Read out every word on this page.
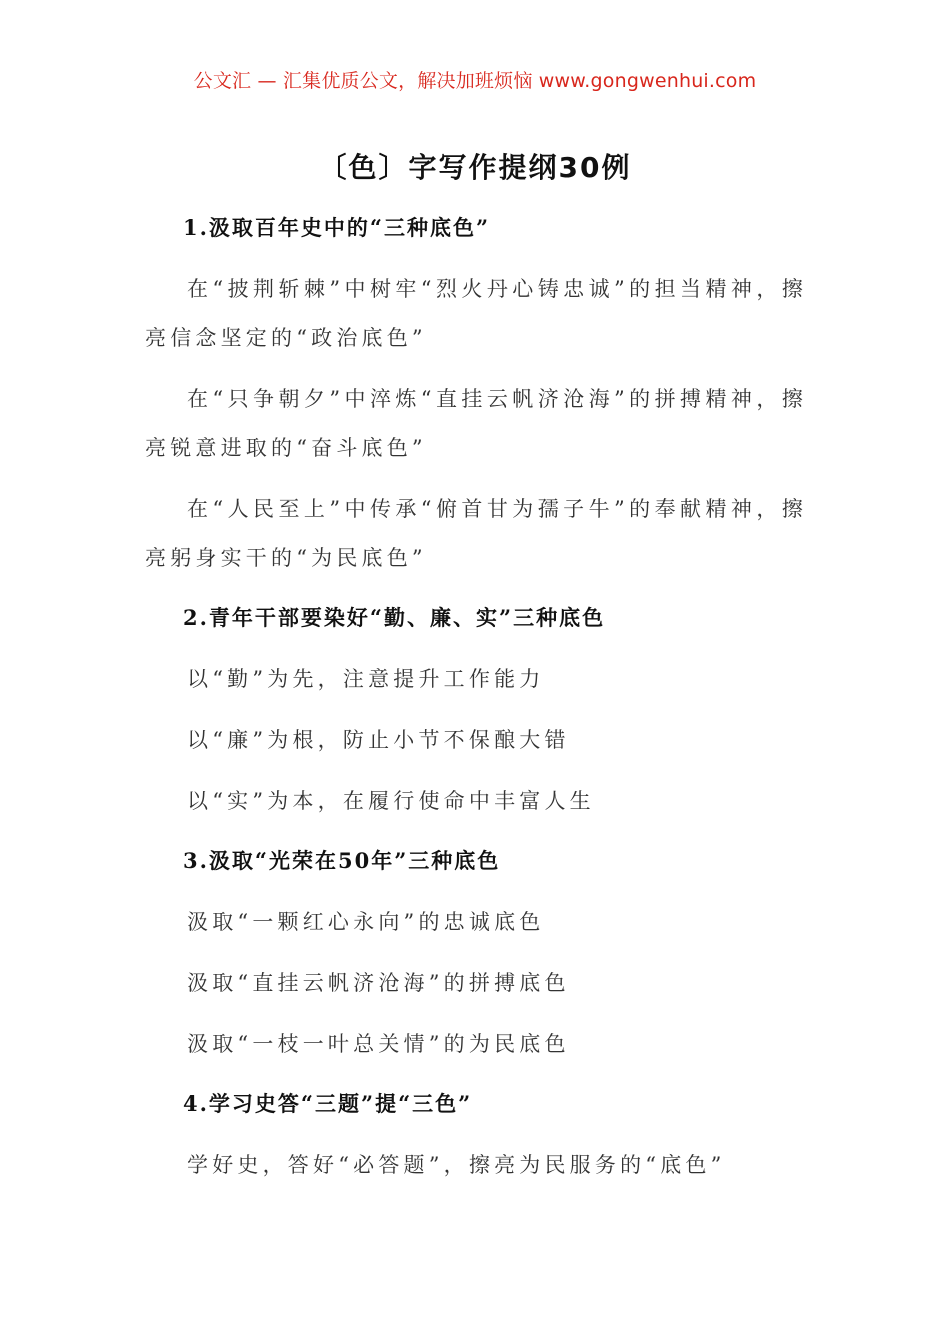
公文汇 — 汇集优质公文，解决加班烦恼 www.gongwenhui.com
〔色〕字写作提纲30例
1.汲取百年史中的“三种底色”
在“披荆斩棘”中树牢“烈火丹心铸忠诚”的担当精神，擦亮信念坚定的“政治底色”
在“只争朝夕”中淬炼“直挂云帆济沧海”的拼搏精神，擦亮锐意进取的“奋斗底色”
在“人民至上”中传承“俯首甘为孺子牛”的奉献精神，擦亮躬身实干的“为民底色”
2.青年干部要染好“勤、廉、实”三种底色
以“勤”为先，注意提升工作能力
以“廉”为根，防止小节不保酿大错
以“实”为本，在履行使命中丰富人生
3.汲取“光荣在50年”三种底色
汲取“一颗红心永向”的忠诚底色
汲取“直挂云帆济沧海”的拼搏底色
汲取“一枝一叶总关情”的为民底色
4.学习史答“三题”提“三色”
学好史，答好“必答题”，擦亮为民服务的“底色”
